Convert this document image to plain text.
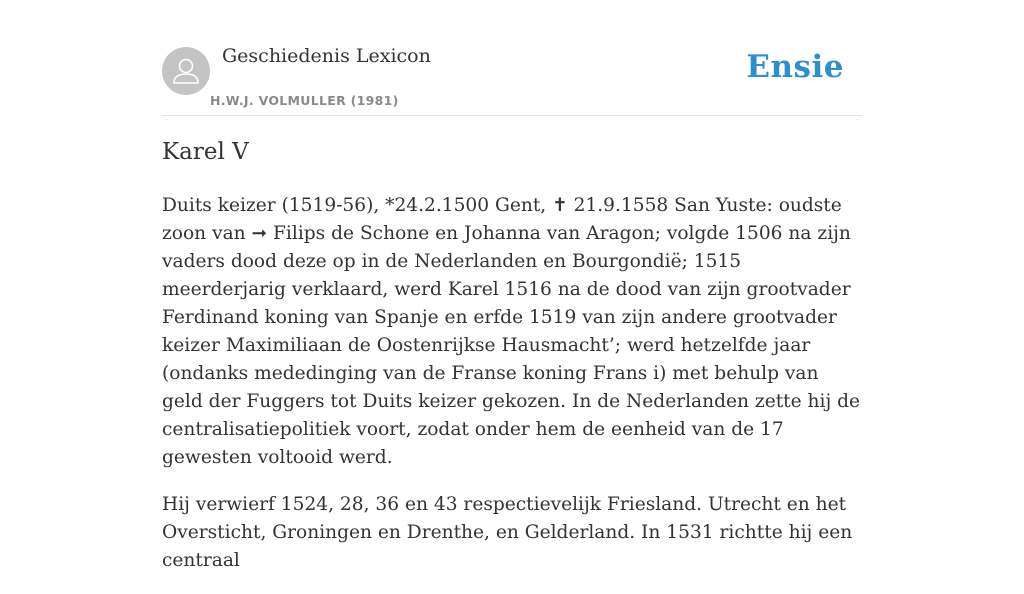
Geschiedenis Lexicon
H.W.J. VOLMULLER (1981)
Ensie
Karel V

Duits keizer (1519-56), *24.2.1500 Gent, ✝ 21.9.1558 San Yuste: oudste zoon van ➞ Filips de Schone en Johanna van Aragon; volgde 1506 na zijn vaders dood deze op in de Nederlanden en Bourgondië; 1515 meerderjarig verklaard, werd Karel 1516 na de dood van zijn grootvader Ferdinand koning van Spanje en erfde 1519 van zijn andere grootvader keizer Maximiliaan de Oostenrijkse Hausmacht’; werd hetzelfde jaar (ondanks mededinging van de Franse koning Frans i) met behulp van geld der Fuggers tot Duits keizer gekozen. In de Nederlanden zette hij de centralisatiepolitiek voort, zodat onder hem de eenheid van de 17 gewesten voltooid werd.

Hij verwierf 1524, 28, 36 en 43 respectievelijk Friesland. Utrecht en het Oversticht, Groningen en Drenthe, en Gelderland. In 1531 richtte hij een centraal
